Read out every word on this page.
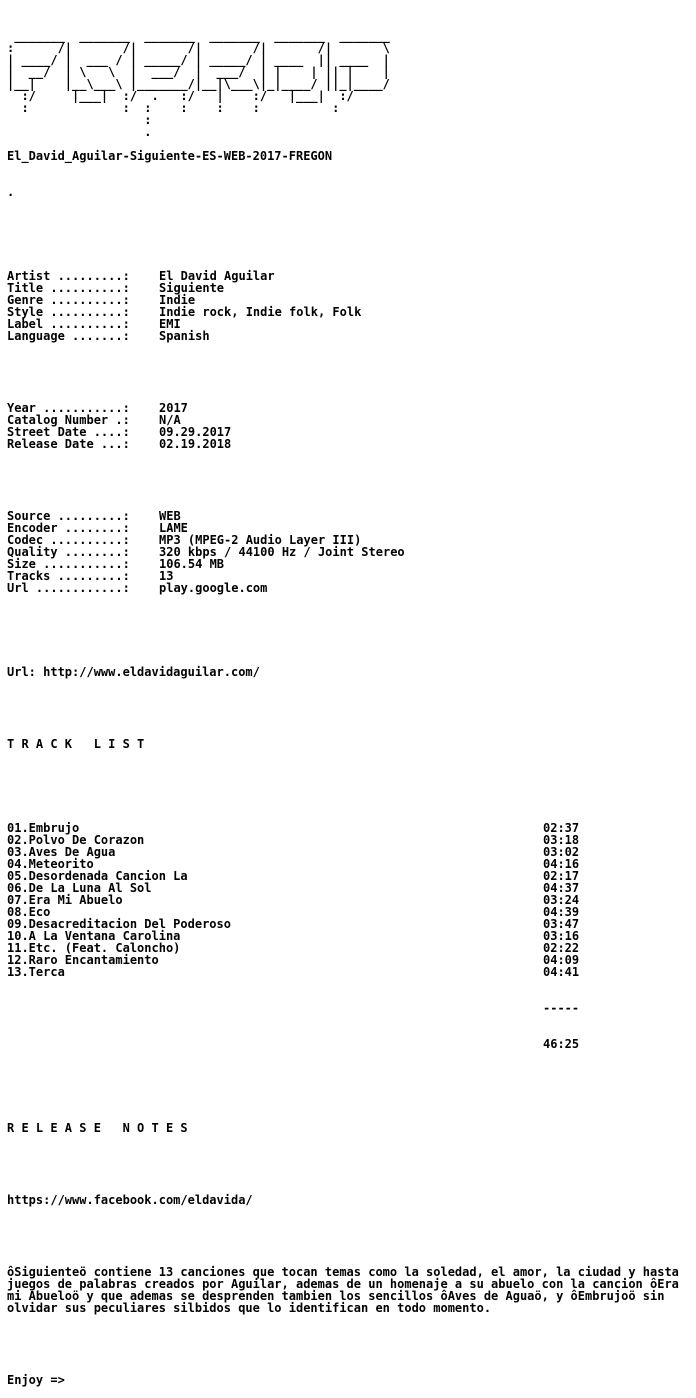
_______  _______  _______  _______  _______  _______
:      /|       /|       /|       /|       /|       \
| ____/ |  ___ / | _____/ | _____/ | ____  || ____  |
|  __/  | \   \  |  ___/  |  ___/  | |    | || |    |
|__|    |__\___\ |_______/|__|\___\|_|____/ ||_|____/
:/     |___|  :/  .   :/   |    :/   |___|  :/
:             :  :    :    :    :          :
:
.

El_David_Aguilar-Siguiente-ES-WEB-2017-FREGON

.

Artist .........: El David Aguilar
Title ..........: Siguiente
Genre ..........: Indie
Style ..........: Indie rock, Indie folk, Folk
Label ..........: EMI
Language .......: Spanish

Year ...........: 2017
Catalog Number .: N/A
Street Date ....: 09.29.2017
Release Date ...: 02.19.2018

Source .........: WEB
Encoder ........: LAME
Codec ..........: MP3 (MPEG-2 Audio Layer III)
Quality ........: 320 kbps / 44100 Hz / Joint Stereo
Size ...........: 106.54 MB
Tracks .........: 13
Url ............: play.google.com

Url: http://www.eldavidaguilar.com/

T R A C K   L I S T

01.Embrujo	02:37
02.Polvo De Corazon	03:18
03.Aves De Agua	03:02
04.Meteorito	04:16
05.Desordenada Cancion La	02:17
06.De La Luna Al Sol	04:37
07.Era Mi Abuelo	03:24
08.Eco	04:39
09.Desacreditacion Del Poderoso	03:47
10.A La Ventana Carolina	03:16
11.Etc. (Feat. Caloncho)	02:22
12.Raro Encantamiento	04:09
13.Terca	04:41

-----

46:25

R E L E A S E   N O T E S

https://www.facebook.com/eldavida/

ôSiguienteö contiene 13 canciones que tocan temas como la soledad, el amor, la ciudad y hasta juegos de palabras creados por Aguilar, ademas de un homenaje a su abuelo con la cancion ôEra mi Abueloö y que ademas se desprenden tambien los sencillos ôAves de Aguaö, y ôEmbrujoö sin olvidar sus peculiares silbidos que lo identifican en todo momento.

Enjoy =>
